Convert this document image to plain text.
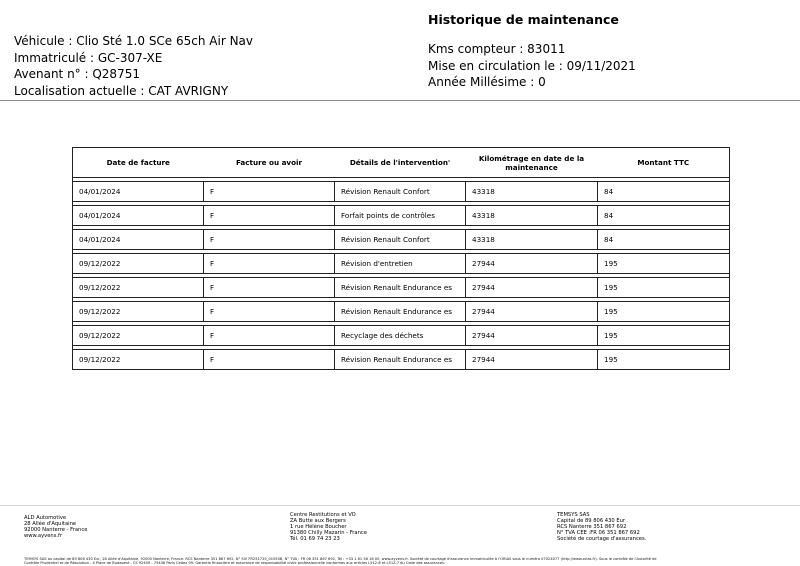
Historique de maintenance
Véhicule : Clio Sté 1.0 SCe 65ch Air Nav
Immatriculé : GC-307-XE
Avenant n° : Q28751
Localisation actuelle : CAT AVRIGNY
Kms compteur : 83011
Mise en circulation le : 09/11/2021
Année Millésime : 0
Date de facture	Facture ou avoir	Détails de l'intervention'	Kilométrage en date de la maintenance	Montant TTC

04/01/2024	F	Révision Renault Confort	43318	84

04/01/2024	F	Forfait points de contrôles	43318	84

04/01/2024	F	Révision Renault Confort	43318	84

09/12/2022	F	Révision d'entretien	27944	195

09/12/2022	F	Révision Renault Endurance es	27944	195

09/12/2022	F	Révision Renault Endurance es	27944	195

09/12/2022	F	Recyclage des déchets	27944	195

09/12/2022	F	Révision Renault Endurance es	27944	195
ALD Automotive
28 Allée d'Aquitaine
92000 Nanterre - France
www.ayvens.fr
Centre Restitutions et VO
ZA Butte aux Bergers
1 rue Hélène Boucher
91380 Chilly Mazarin - France
Tél. 01 69 74 23 23
TEMSYS SAS
Capital de 89 806 430 Eur
RCS Nanterre 351 867 692
N° TVA CEE :FR 06 351 867 692
Société de courtage d'assurances.
TEMSYS SAS au capital de 89 806 430 Eur, 28 Allée d'Aquitaine, 92000 Nanterre, France. RCS Nanterre 351 867 692. N° SIV FR251725_01550B, N° TVA : FR 06 351 867 692, Tél : +33 1 61 56 16 00, www.ayvens.fr. Société de courtage d'assurance immatriculée à l'ORIAS sous le numéro 07024077 (http://www.orias.fr). Sous le contrôle de l'Autorité de
Contrôle Prudentiel et de Résolution - 4 Place de Budapest - CS 92459 - 75436 Paris Cedex 09. Garantie financière et assurance de responsabilité civile professionnelle conformes aux articles L512-6 et L512-7 du Code des assurances.
